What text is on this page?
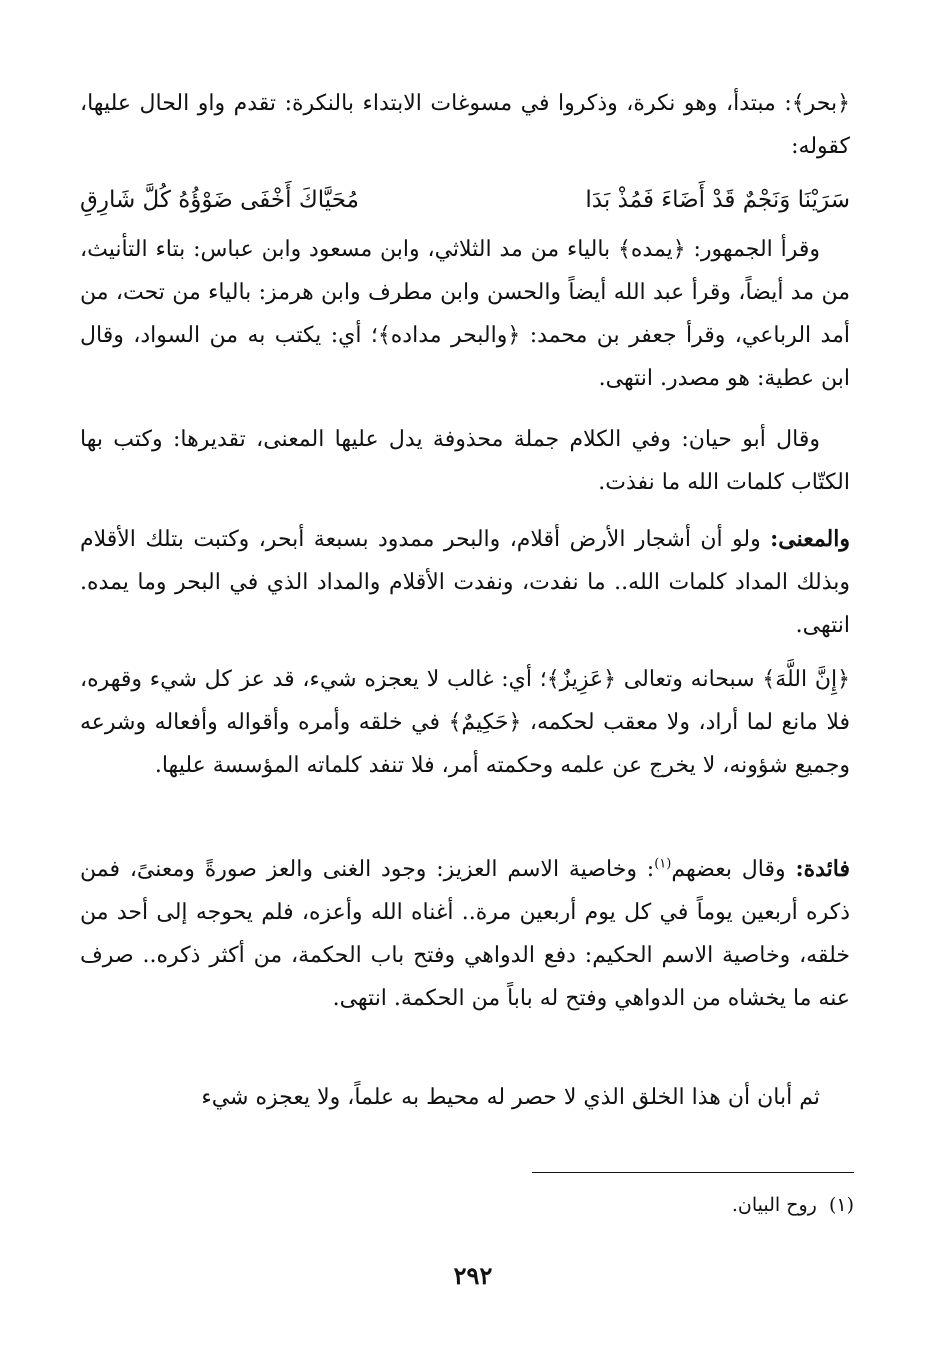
﴿بحر﴾: مبتدأ، وهو نكرة، وذكروا في مسوغات الابتداء بالنكرة: تقدم واو الحال عليها، كقوله:
سَرَيْنَا وَنَجْمٌ قَدْ أَضَاءَ فَمُذْ بَدَا
مُحَيَّاكَ أَخْفَى ضَوْؤُهُ كُلَّ شَارِقِ
وقرأ الجمهور: ﴿يمده﴾ بالياء من مد الثلاثي، وابن مسعود وابن عباس: بتاء التأنيث، من مد أيضاً، وقرأ عبد الله أيضاً والحسن وابن مطرف وابن هرمز: بالياء من تحت، من أمد الرباعي، وقرأ جعفر بن محمد: ﴿والبحر مداده﴾؛ أي: يكتب به من السواد، وقال ابن عطية: هو مصدر. انتهى.
وقال أبو حيان: وفي الكلام جملة محذوفة يدل عليها المعنى، تقديرها: وكتب بها الكتّاب كلمات الله ما نفذت.
والمعنى: ولو أن أشجار الأرض أقلام، والبحر ممدود بسبعة أبحر، وكتبت بتلك الأقلام وبذلك المداد كلمات الله.. ما نفدت، ونفدت الأقلام والمداد الذي في البحر وما يمده. انتهى.
﴿إِنَّ اللَّهَ﴾ سبحانه وتعالى ﴿عَزِيزٌ﴾؛ أي: غالب لا يعجزه شيء، قد عز كل شيء وقهره، فلا مانع لما أراد، ولا معقب لحكمه، ﴿حَكِيمٌ﴾ في خلقه وأمره وأقواله وأفعاله وشرعه وجميع شؤونه، لا يخرج عن علمه وحكمته أمر، فلا تنفد كلماته المؤسسة عليها.
فائدة: وقال بعضهم$^{(١)}$: وخاصية الاسم العزيز: وجود الغنى والعز صورةً ومعنىً، فمن ذكره أربعين يوماً في كل يوم أربعين مرة.. أغناه الله وأعزه، فلم يحوجه إلى أحد من خلقه، وخاصية الاسم الحكيم: دفع الدواهي وفتح باب الحكمة، من أكثر ذكره.. صرف عنه ما يخشاه من الدواهي وفتح له باباً من الحكمة. انتهى.
ثم أبان أن هذا الخلق الذي لا حصر له محيط به علماً، ولا يعجزه شيء
(١)  روح البيان.
٢٩٢
